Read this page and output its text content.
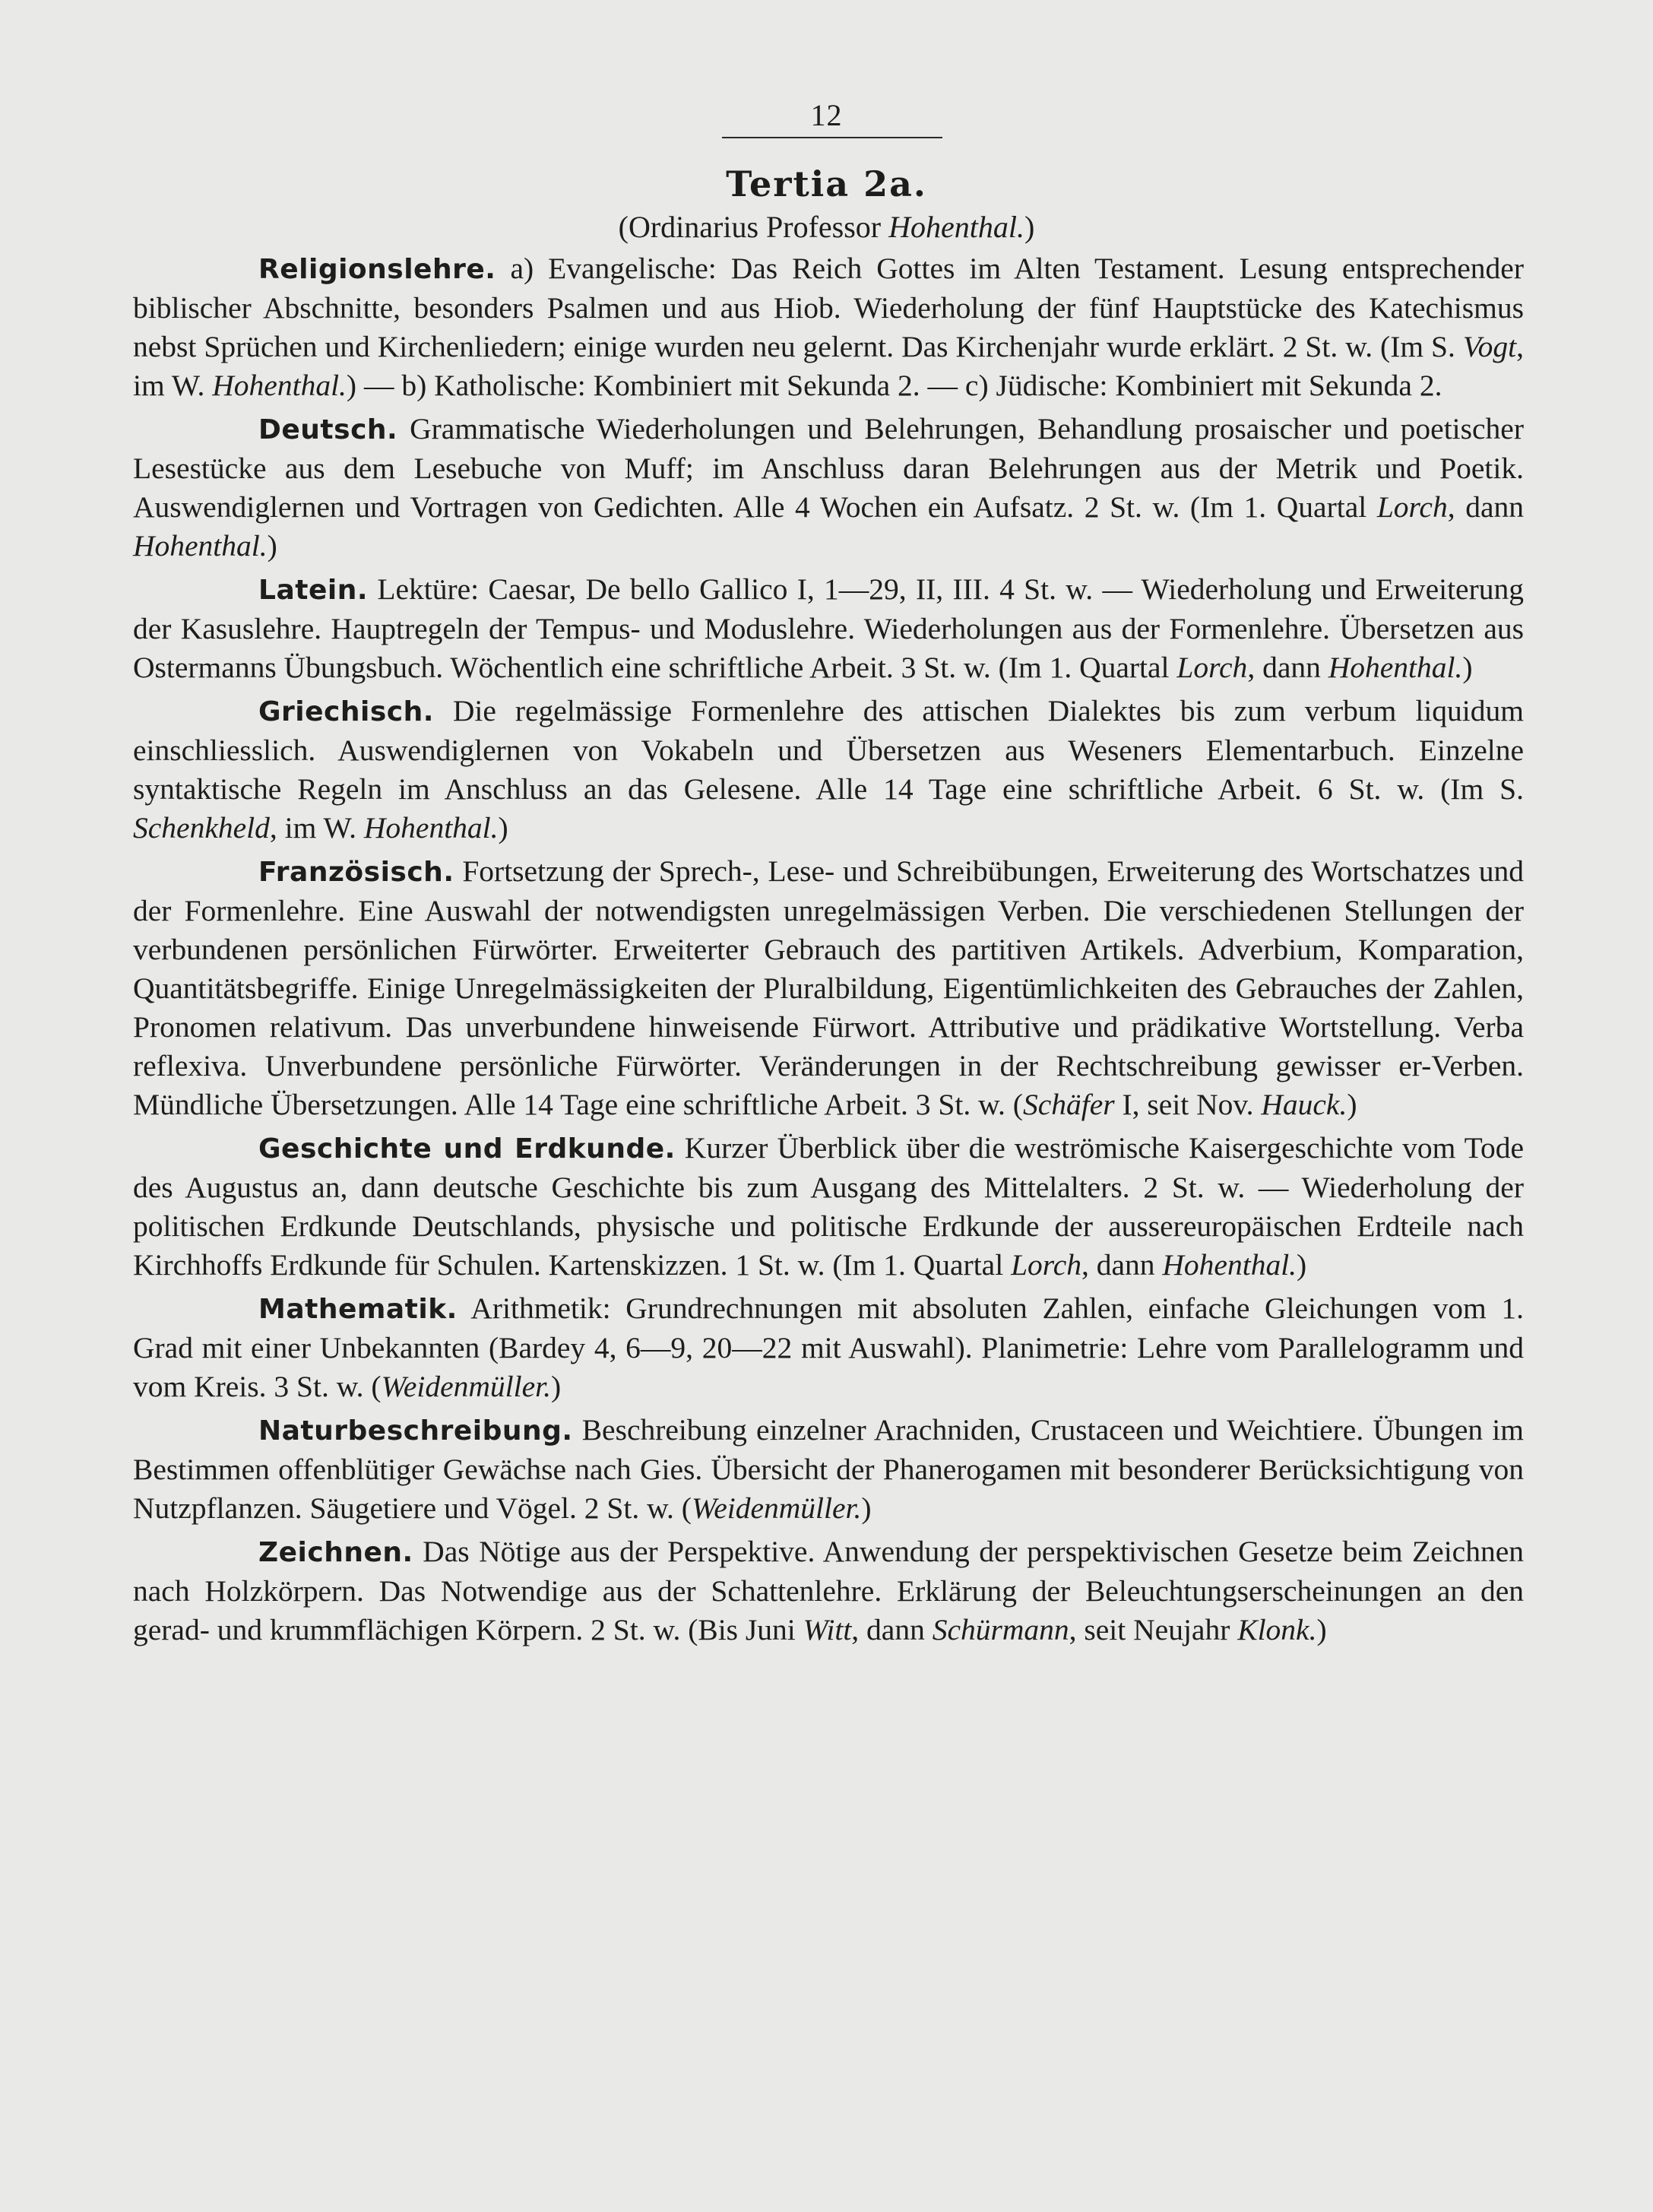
12
Tertia 2a.
(Ordinarius Professor Hohenthal.)

Religionslehre. a) Evangelische: Das Reich Gottes im Alten Testament. Lesung entsprechender biblischer Abschnitte, besonders Psalmen und aus Hiob. Wiederholung der fünf Hauptstücke des Katechismus nebst Sprüchen und Kirchenliedern; einige wurden neu gelernt. Das Kirchenjahr wurde erklärt. 2 St. w. (Im S. Vogt, im W. Hohenthal.) — b) Katholische: Kombiniert mit Sekunda 2. — c) Jüdische: Kombiniert mit Sekunda 2.

Deutsch. Grammatische Wiederholungen und Belehrungen, Behandlung prosaischer und poetischer Lesestücke aus dem Lesebuche von Muff; im Anschluss daran Belehrungen aus der Metrik und Poetik. Auswendiglernen und Vortragen von Gedichten. Alle 4 Wochen ein Aufsatz. 2 St. w. (Im 1. Quartal Lorch, dann Hohenthal.)

Latein. Lektüre: Caesar, De bello Gallico I, 1—29, II, III. 4 St. w. — Wiederholung und Erweiterung der Kasuslehre. Hauptregeln der Tempus- und Moduslehre. Wiederholungen aus der Formenlehre. Übersetzen aus Ostermanns Übungsbuch. Wöchentlich eine schriftliche Arbeit. 3 St. w. (Im 1. Quartal Lorch, dann Hohenthal.)

Griechisch. Die regelmässige Formenlehre des attischen Dialektes bis zum verbum liquidum einschliesslich. Auswendiglernen von Vokabeln und Übersetzen aus Weseners Elementarbuch. Einzelne syntaktische Regeln im Anschluss an das Gelesene. Alle 14 Tage eine schriftliche Arbeit. 6 St. w. (Im S. Schenkheld, im W. Hohenthal.)

Französisch. Fortsetzung der Sprech-, Lese- und Schreibübungen, Erweiterung des Wortschatzes und der Formenlehre. Eine Auswahl der notwendigsten unregelmässigen Verben. Die verschiedenen Stellungen der verbundenen persönlichen Fürwörter. Erweiterter Gebrauch des partitiven Artikels. Adverbium, Komparation, Quantitätsbegriffe. Einige Unregelmässigkeiten der Pluralbildung, Eigentümlichkeiten des Gebrauches der Zahlen, Pronomen relativum. Das unverbundene hinweisende Fürwort. Attributive und prädikative Wortstellung. Verba reflexiva. Unverbundene persönliche Fürwörter. Veränderungen in der Rechtschreibung gewisser er-Verben. Mündliche Übersetzungen. Alle 14 Tage eine schriftliche Arbeit. 3 St. w. (Schäfer I, seit Nov. Hauck.)

Geschichte und Erdkunde. Kurzer Überblick über die weströmische Kaisergeschichte vom Tode des Augustus an, dann deutsche Geschichte bis zum Ausgang des Mittelalters. 2 St. w. — Wiederholung der politischen Erdkunde Deutschlands, physische und politische Erdkunde der aussereuropäischen Erdteile nach Kirchhoffs Erdkunde für Schulen. Kartenskizzen. 1 St. w. (Im 1. Quartal Lorch, dann Hohenthal.)

Mathematik. Arithmetik: Grundrechnungen mit absoluten Zahlen, einfache Gleichungen vom 1. Grad mit einer Unbekannten (Bardey 4, 6—9, 20—22 mit Auswahl). Planimetrie: Lehre vom Parallelogramm und vom Kreis. 3 St. w. (Weidenmüller.)

Naturbeschreibung. Beschreibung einzelner Arachniden, Crustaceen und Weichtiere. Übungen im Bestimmen offenblütiger Gewächse nach Gies. Übersicht der Phanerogamen mit besonderer Berücksichtigung von Nutzpflanzen. Säugetiere und Vögel. 2 St. w. (Weidenmüller.)

Zeichnen. Das Nötige aus der Perspektive. Anwendung der perspektivischen Gesetze beim Zeichnen nach Holzkörpern. Das Notwendige aus der Schattenlehre. Erklärung der Beleuchtungserscheinungen an den gerad- und krummflächigen Körpern. 2 St. w. (Bis Juni Witt, dann Schürmann, seit Neujahr Klonk.)
